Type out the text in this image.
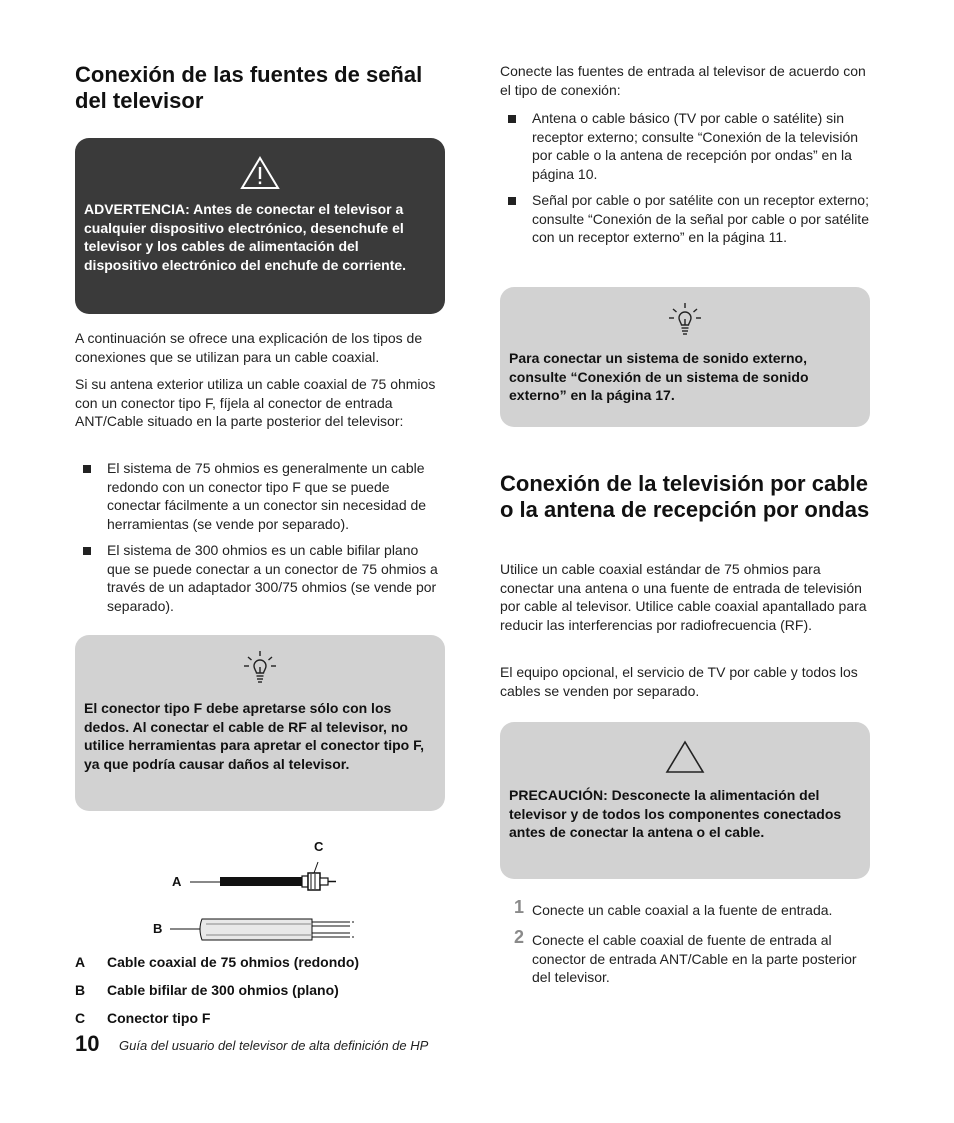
Conexión de las fuentes de señal del televisor

ADVERTENCIA: Antes de conectar el televisor a cualquier dispositivo electrónico, desenchufe el televisor y los cables de alimentación del dispositivo electrónico del enchufe de corriente.

A continuación se ofrece una explicación de los tipos de conexiones que se utilizan para un cable coaxial.

Si su antena exterior utiliza un cable coaxial de 75 ohmios con un conector tipo F, fíjela al conector de entrada ANT/Cable situado en la parte posterior del televisor:

El sistema de 75 ohmios es generalmente un cable redondo con un conector tipo F que se puede conectar fácilmente a un conector sin necesidad de herramientas (se vende por separado).
El sistema de 300 ohmios es un cable bifilar plano que se puede conectar a un conector de 75 ohmios a través de un adaptador 300/75 ohmios (se vende por separado).

El conector tipo F debe apretarse sólo con los dedos. Al conectar el cable de RF al televisor, no utilice herramientas para apretar el conector tipo F, ya que podría causar daños al televisor.

A
B
C
A Cable coaxial de 75 ohmios (redondo)
B Cable bifilar de 300 ohmios (plano)
C Conector tipo F
10 Guía del usuario del televisor de alta definición de HP

Conecte las fuentes de entrada al televisor de acuerdo con el tipo de conexión:

Antena o cable básico (TV por cable o satélite) sin receptor externo; consulte “Conexión de la televisión por cable o la antena de recepción por ondas” en la página 10.
Señal por cable o por satélite con un receptor externo; consulte “Conexión de la señal por cable o por satélite con un receptor externo” en la página 11.

Para conectar un sistema de sonido externo, consulte “Conexión de un sistema de sonido externo” en la página 17.

Conexión de la televisión por cable o la antena de recepción por ondas

Utilice un cable coaxial estándar de 75 ohmios para conectar una antena o una fuente de entrada de televisión por cable al televisor. Utilice cable coaxial apantallado para reducir las interferencias por radiofrecuencia (RF).

El equipo opcional, el servicio de TV por cable y todos los cables se venden por separado.

PRECAUCIÓN: Desconecte la alimentación del televisor y de todos los componentes conectados antes de conectar la antena o el cable.

1 Conecte un cable coaxial a la fuente de entrada.
2 Conecte el cable coaxial de fuente de entrada al conector de entrada ANT/Cable en la parte posterior del televisor.
